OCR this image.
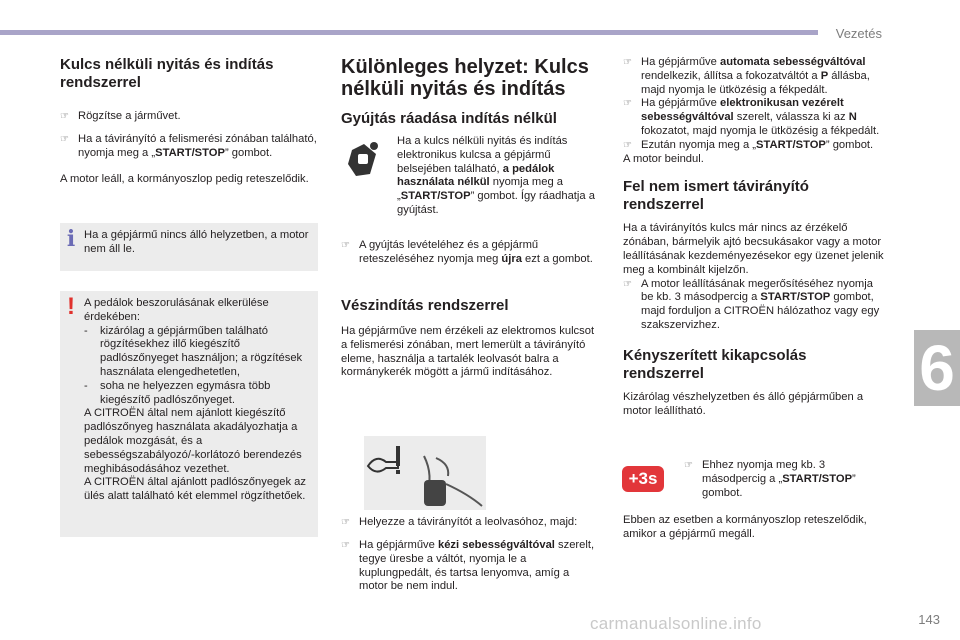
Vezetés
6
Kulcs nélküli nyitás és indítás rendszerrel
☞ Rögzítse a járművet.
☞ Ha a távirányító a felismerési zónában található, nyomja meg a „START/STOP” gombot.
A motor leáll, a kormányoszlop pedig reteszelődik.
i Ha a gépjármű nincs álló helyzetben, a motor nem áll le.
! A pedálok beszorulásának elkerülése érdekében:
-	kizárólag a gépjárműben található rögzítésekhez illő kiegészítő padlószőnyeget használjon; a rögzítések használata elengedhetetlen,
-	soha ne helyezzen egymásra több kiegészítő padlószőnyeget.
A CITROËN által nem ajánlott kiegészítő padlószőnyeg használata akadályozhatja a pedálok mozgását, és a sebességszabályozó/-korlátozó berendezés meghibásodásához vezethet.
A CITROËN által ajánlott padlószőnyegek az ülés alatt található két elemmel rögzíthetőek.
Különleges helyzet: Kulcs nélküli nyitás és indítás
Gyújtás ráadása indítás nélkül
Ha a kulcs nélküli nyitás és indítás elektronikus kulcsa a gépjármű belsejében található, a pedálok használata nélkül nyomja meg a „START/STOP” gombot. Így ráadhatja a gyújtást.
☞ A gyújtás levételéhez és a gépjármű reteszeléséhez nyomja meg újra ezt a gombot.
Vészindítás rendszerrel
Ha gépjárműve nem érzékeli az elektromos kulcsot a felismerési zónában, mert lemerült a távirányító eleme, használja a tartalék leolvasót balra a kormánykerék mögött a jármű indításához.
☞ Helyezze a távirányítót a leolvasóhoz, majd:
☞ Ha gépjárműve kézi sebességváltóval szerelt, tegye üresbe a váltót, nyomja le a kuplungpedált, és tartsa lenyomva, amíg a motor be nem indul.
☞ Ha gépjárműve automata sebességváltóval rendelkezik, állítsa a fokozatváltót a P állásba, majd nyomja le ütközésig a fékpedált.
☞ Ha gépjárműve elektronikusan vezérelt sebességváltóval szerelt, válassza ki az N fokozatot, majd nyomja le ütközésig a fékpedált.
☞ Ezután nyomja meg a „START/STOP” gombot.
A motor beindul.
Fel nem ismert távirányító rendszerrel
Ha a távirányítós kulcs már nincs az érzékelő zónában, bármelyik ajtó becsukásakor vagy a motor leállításának kezdeményezésekor egy üzenet jelenik meg a kombinált kijelzőn.
☞ A motor leállításának megerősítéséhez nyomja be kb. 3 másodpercig a START/STOP gombot, majd forduljon a CITROËN hálózathoz vagy egy szakszervizhez.
Kényszerített kikapcsolás rendszerrel
Kizárólag vészhelyzetben és álló gépjárműben a motor leállítható.
+3s
☞ Ehhez nyomja meg kb. 3 másodpercig a „START/STOP” gombot.
Ebben az esetben a kormányoszlop reteszelődik, amikor a gépjármű megáll.
carmanualsonline.info	143
